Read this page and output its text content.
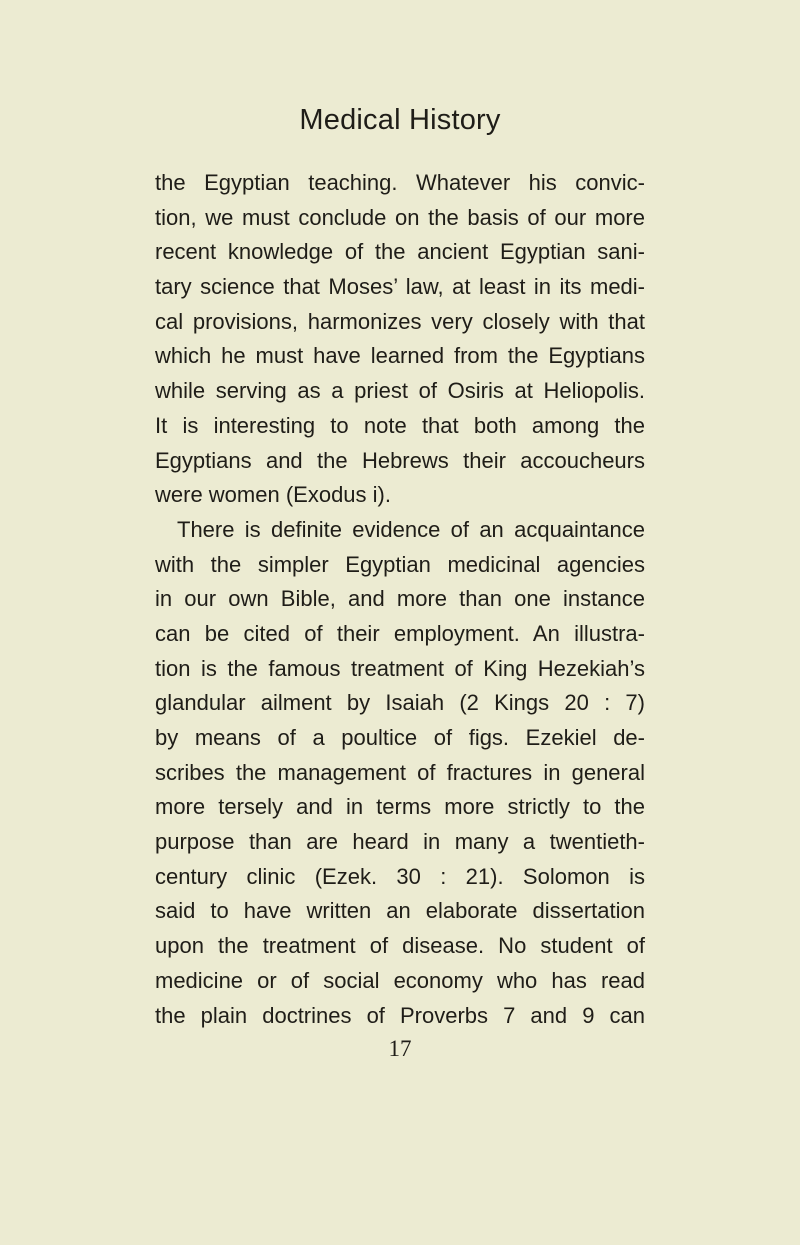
Medical History
the Egyptian teaching. Whatever his convic-
tion, we must conclude on the basis of our more
recent knowledge of the ancient Egyptian sani-
tary science that Moses’ law, at least in its medi-
cal provisions, harmonizes very closely with that
which he must have learned from the Egyptians
while serving as a priest of Osiris at Heliopolis.
It is interesting to note that both among the
Egyptians and the Hebrews their accoucheurs
were women (Exodus i).
There is definite evidence of an acquaintance
with the simpler Egyptian medicinal agencies
in our own Bible, and more than one instance
can be cited of their employment. An illustra-
tion is the famous treatment of King Hezekiah’s
glandular ailment by Isaiah (2 Kings 20 : 7)
by means of a poultice of figs. Ezekiel de-
scribes the management of fractures in general
more tersely and in terms more strictly to the
purpose than are heard in many a twentieth-
century clinic (Ezek. 30 : 21). Solomon is
said to have written an elaborate dissertation
upon the treatment of disease. No student of
medicine or of social economy who has read
the plain doctrines of Proverbs 7 and 9 can
17
